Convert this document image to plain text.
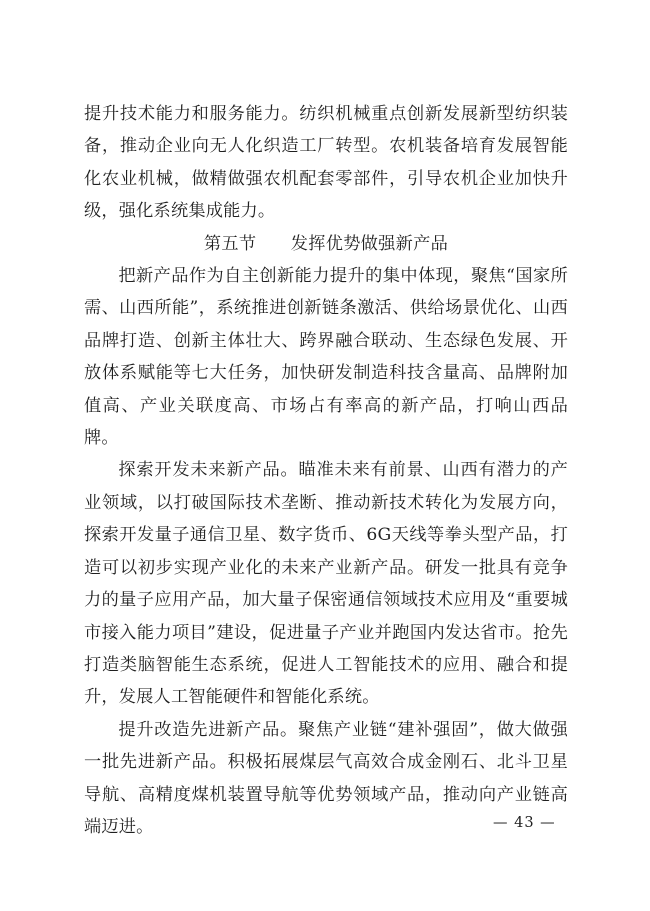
提升技术能力和服务能力。纺织机械重点创新发展新型纺织装备，推动企业向无人化织造工厂转型。农机装备培育发展智能化农业机械，做精做强农机配套零部件，引导农机企业加快升级，强化系统集成能力。

第五节 发挥优势做强新产品

把新产品作为自主创新能力提升的集中体现，聚焦“国家所需、山西所能”，系统推进创新链条激活、供给场景优化、山西品牌打造、创新主体壮大、跨界融合联动、生态绿色发展、开放体系赋能等七大任务，加快研发制造科技含量高、品牌附加值高、产业关联度高、市场占有率高的新产品，打响山西品牌。

探索开发未来新产品。瞄准未来有前景、山西有潜力的产业领域，以打破国际技术垄断、推动新技术转化为发展方向，探索开发量子通信卫星、数字货币、6G天线等拳头型产品，打造可以初步实现产业化的未来产业新产品。研发一批具有竞争力的量子应用产品，加大量子保密通信领域技术应用及“重要城市接入能力项目”建设，促进量子产业并跑国内发达省市。抢先打造类脑智能生态系统，促进人工智能技术的应用、融合和提升，发展人工智能硬件和智能化系统。

提升改造先进新产品。聚焦产业链“建补强固”，做大做强一批先进新产品。积极拓展煤层气高效合成金刚石、北斗卫星导航、高精度煤机装置导航等优势领域产品，推动向产业链高端迈进。	— 43 —
